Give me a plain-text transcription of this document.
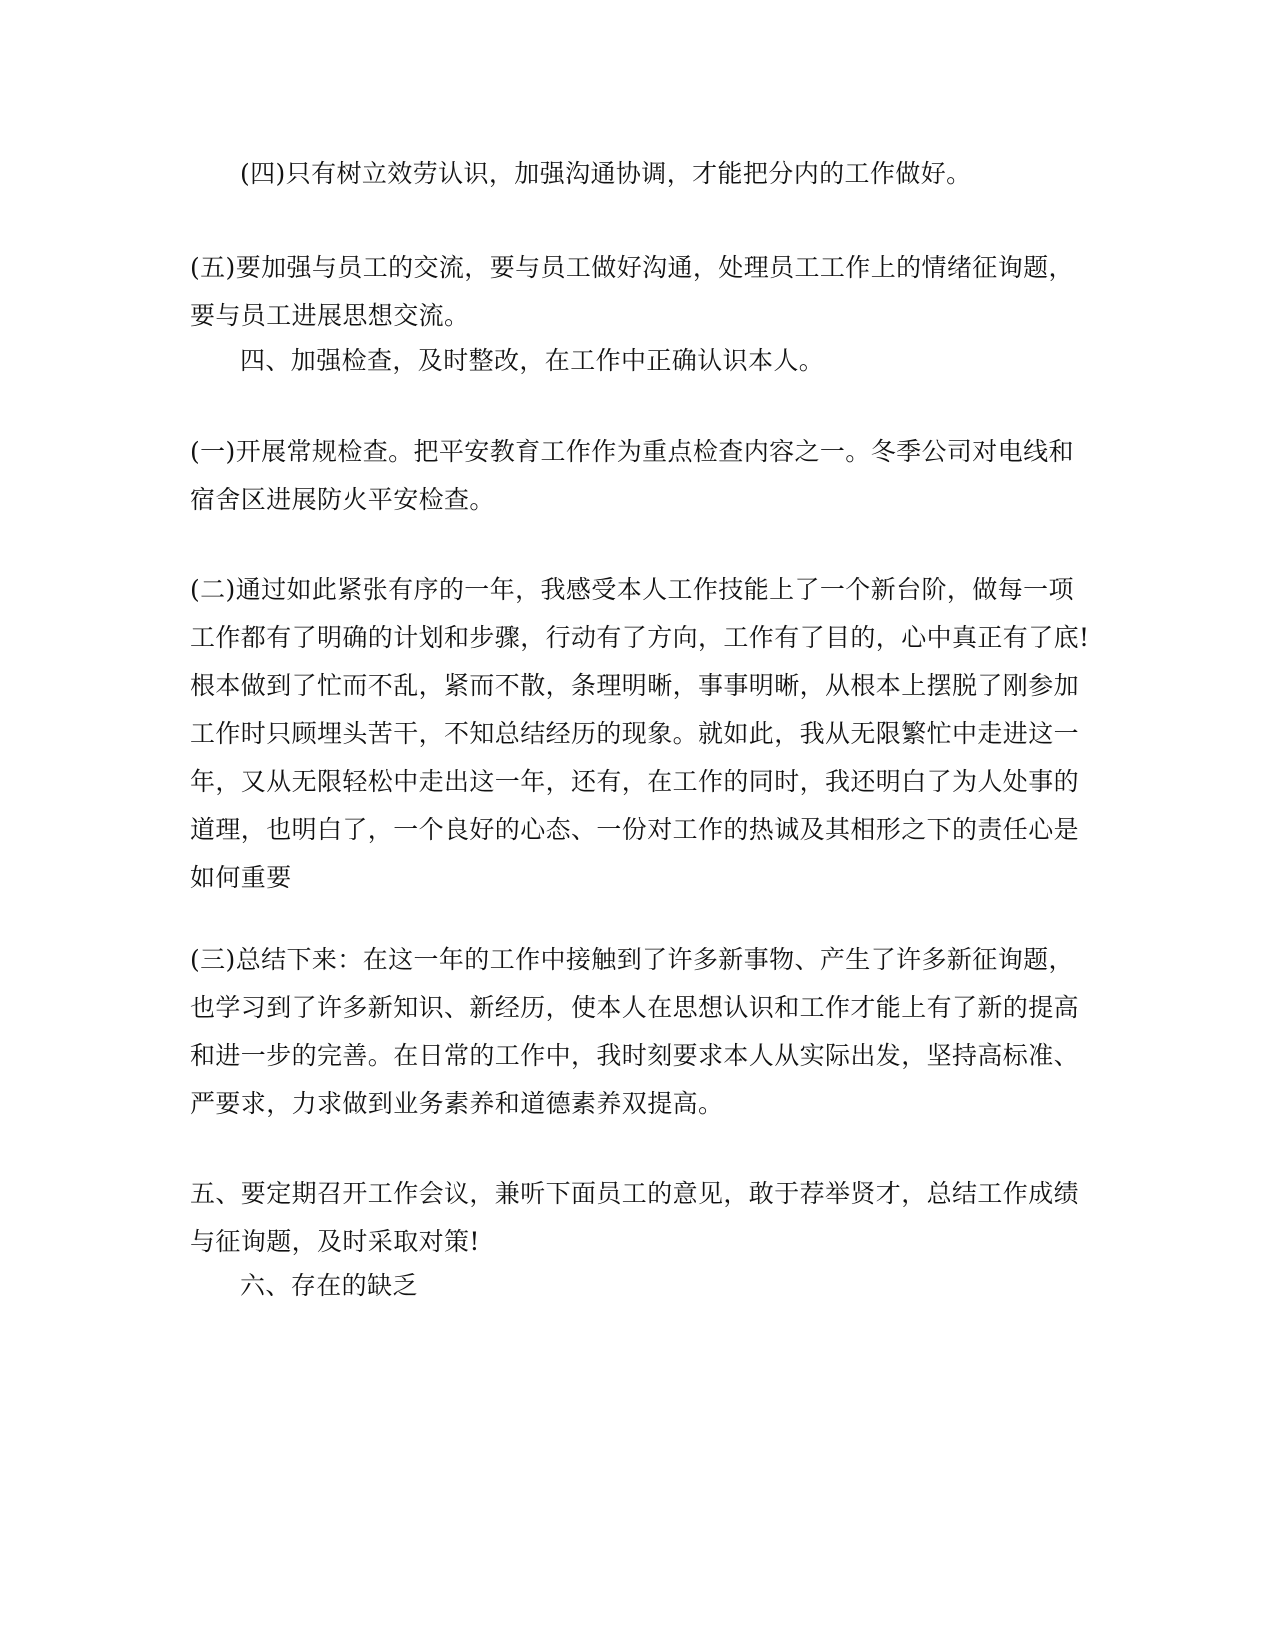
(四)只有树立效劳认识，加强沟通协调，才能把分内的工作做好。
(五)要加强与员工的交流，要与员工做好沟通，处理员工工作上的情绪征询题，
要与员工进展思想交流。
四、加强检查，及时整改，在工作中正确认识本人。
(一)开展常规检查。把平安教育工作作为重点检查内容之一。冬季公司对电线和
宿舍区进展防火平安检查。
(二)通过如此紧张有序的一年，我感受本人工作技能上了一个新台阶，做每一项
工作都有了明确的计划和步骤，行动有了方向，工作有了目的，心中真正有了底!
根本做到了忙而不乱，紧而不散，条理明晰，事事明晰，从根本上摆脱了刚参加
工作时只顾埋头苦干，不知总结经历的现象。就如此，我从无限繁忙中走进这一
年，又从无限轻松中走出这一年，还有，在工作的同时，我还明白了为人处事的
道理，也明白了，一个良好的心态、一份对工作的热诚及其相形之下的责任心是
如何重要
(三)总结下来：在这一年的工作中接触到了许多新事物、产生了许多新征询题，
也学习到了许多新知识、新经历，使本人在思想认识和工作才能上有了新的提高
和进一步的完善。在日常的工作中，我时刻要求本人从实际出发，坚持高标准、
严要求，力求做到业务素养和道德素养双提高。
五、要定期召开工作会议，兼听下面员工的意见，敢于荐举贤才，总结工作成绩
与征询题，及时采取对策!
六、存在的缺乏
